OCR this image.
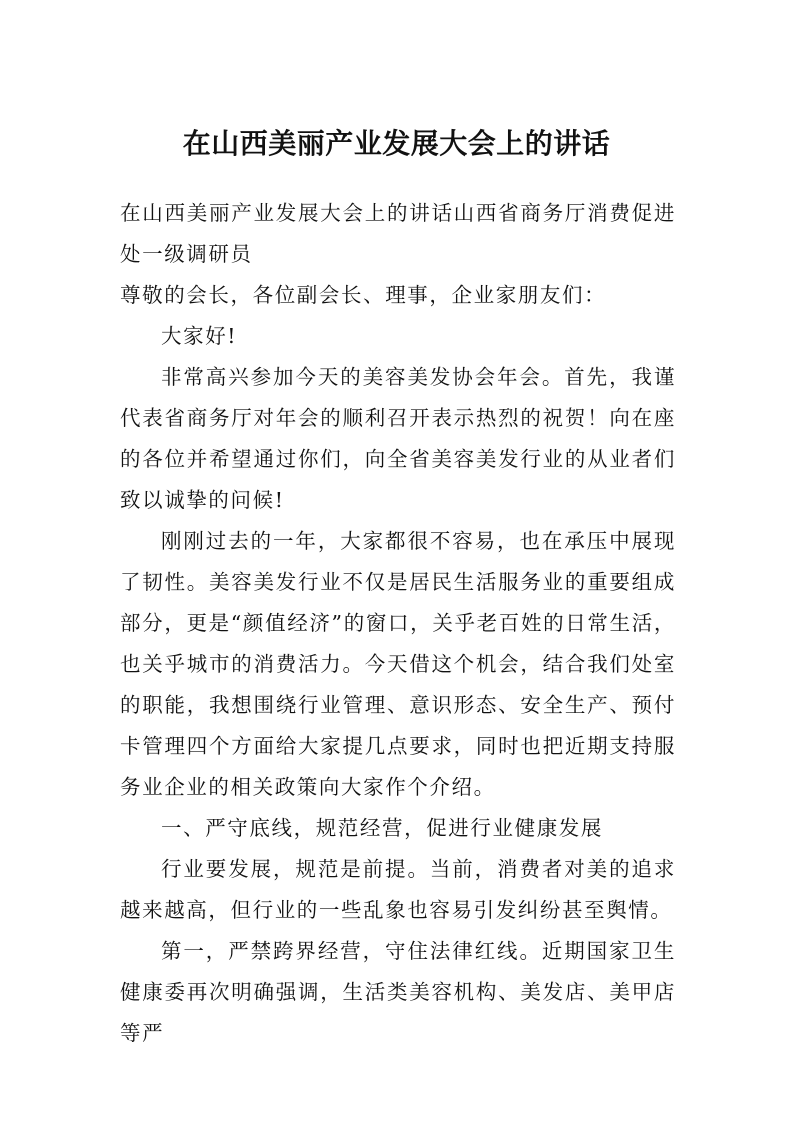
在山西美丽产业发展大会上的讲话

在山西美丽产业发展大会上的讲话山西省商务厅消费促进处一级调研员

尊敬的会长，各位副会长、理事，企业家朋友们：

大家好!

非常高兴参加今天的美容美发协会年会。首先，我谨代表省商务厅对年会的顺利召开表示热烈的祝贺！向在座的各位并希望通过你们，向全省美容美发行业的从业者们致以诚挚的问候!

刚刚过去的一年，大家都很不容易，也在承压中展现了韧性。美容美发行业不仅是居民生活服务业的重要组成部分，更是“颜值经济”的窗口，关乎老百姓的日常生活，也关乎城市的消费活力。今天借这个机会，结合我们处室的职能，我想围绕行业管理、意识形态、安全生产、预付卡管理四个方面给大家提几点要求，同时也把近期支持服务业企业的相关政策向大家作个介绍。

一、严守底线，规范经营，促进行业健康发展

行业要发展，规范是前提。当前，消费者对美的追求越来越高，但行业的一些乱象也容易引发纠纷甚至舆情。

第一，严禁跨界经营，守住法律红线。近期国家卫生健康委再次明确强调，生活类美容机构、美发店、美甲店等严
